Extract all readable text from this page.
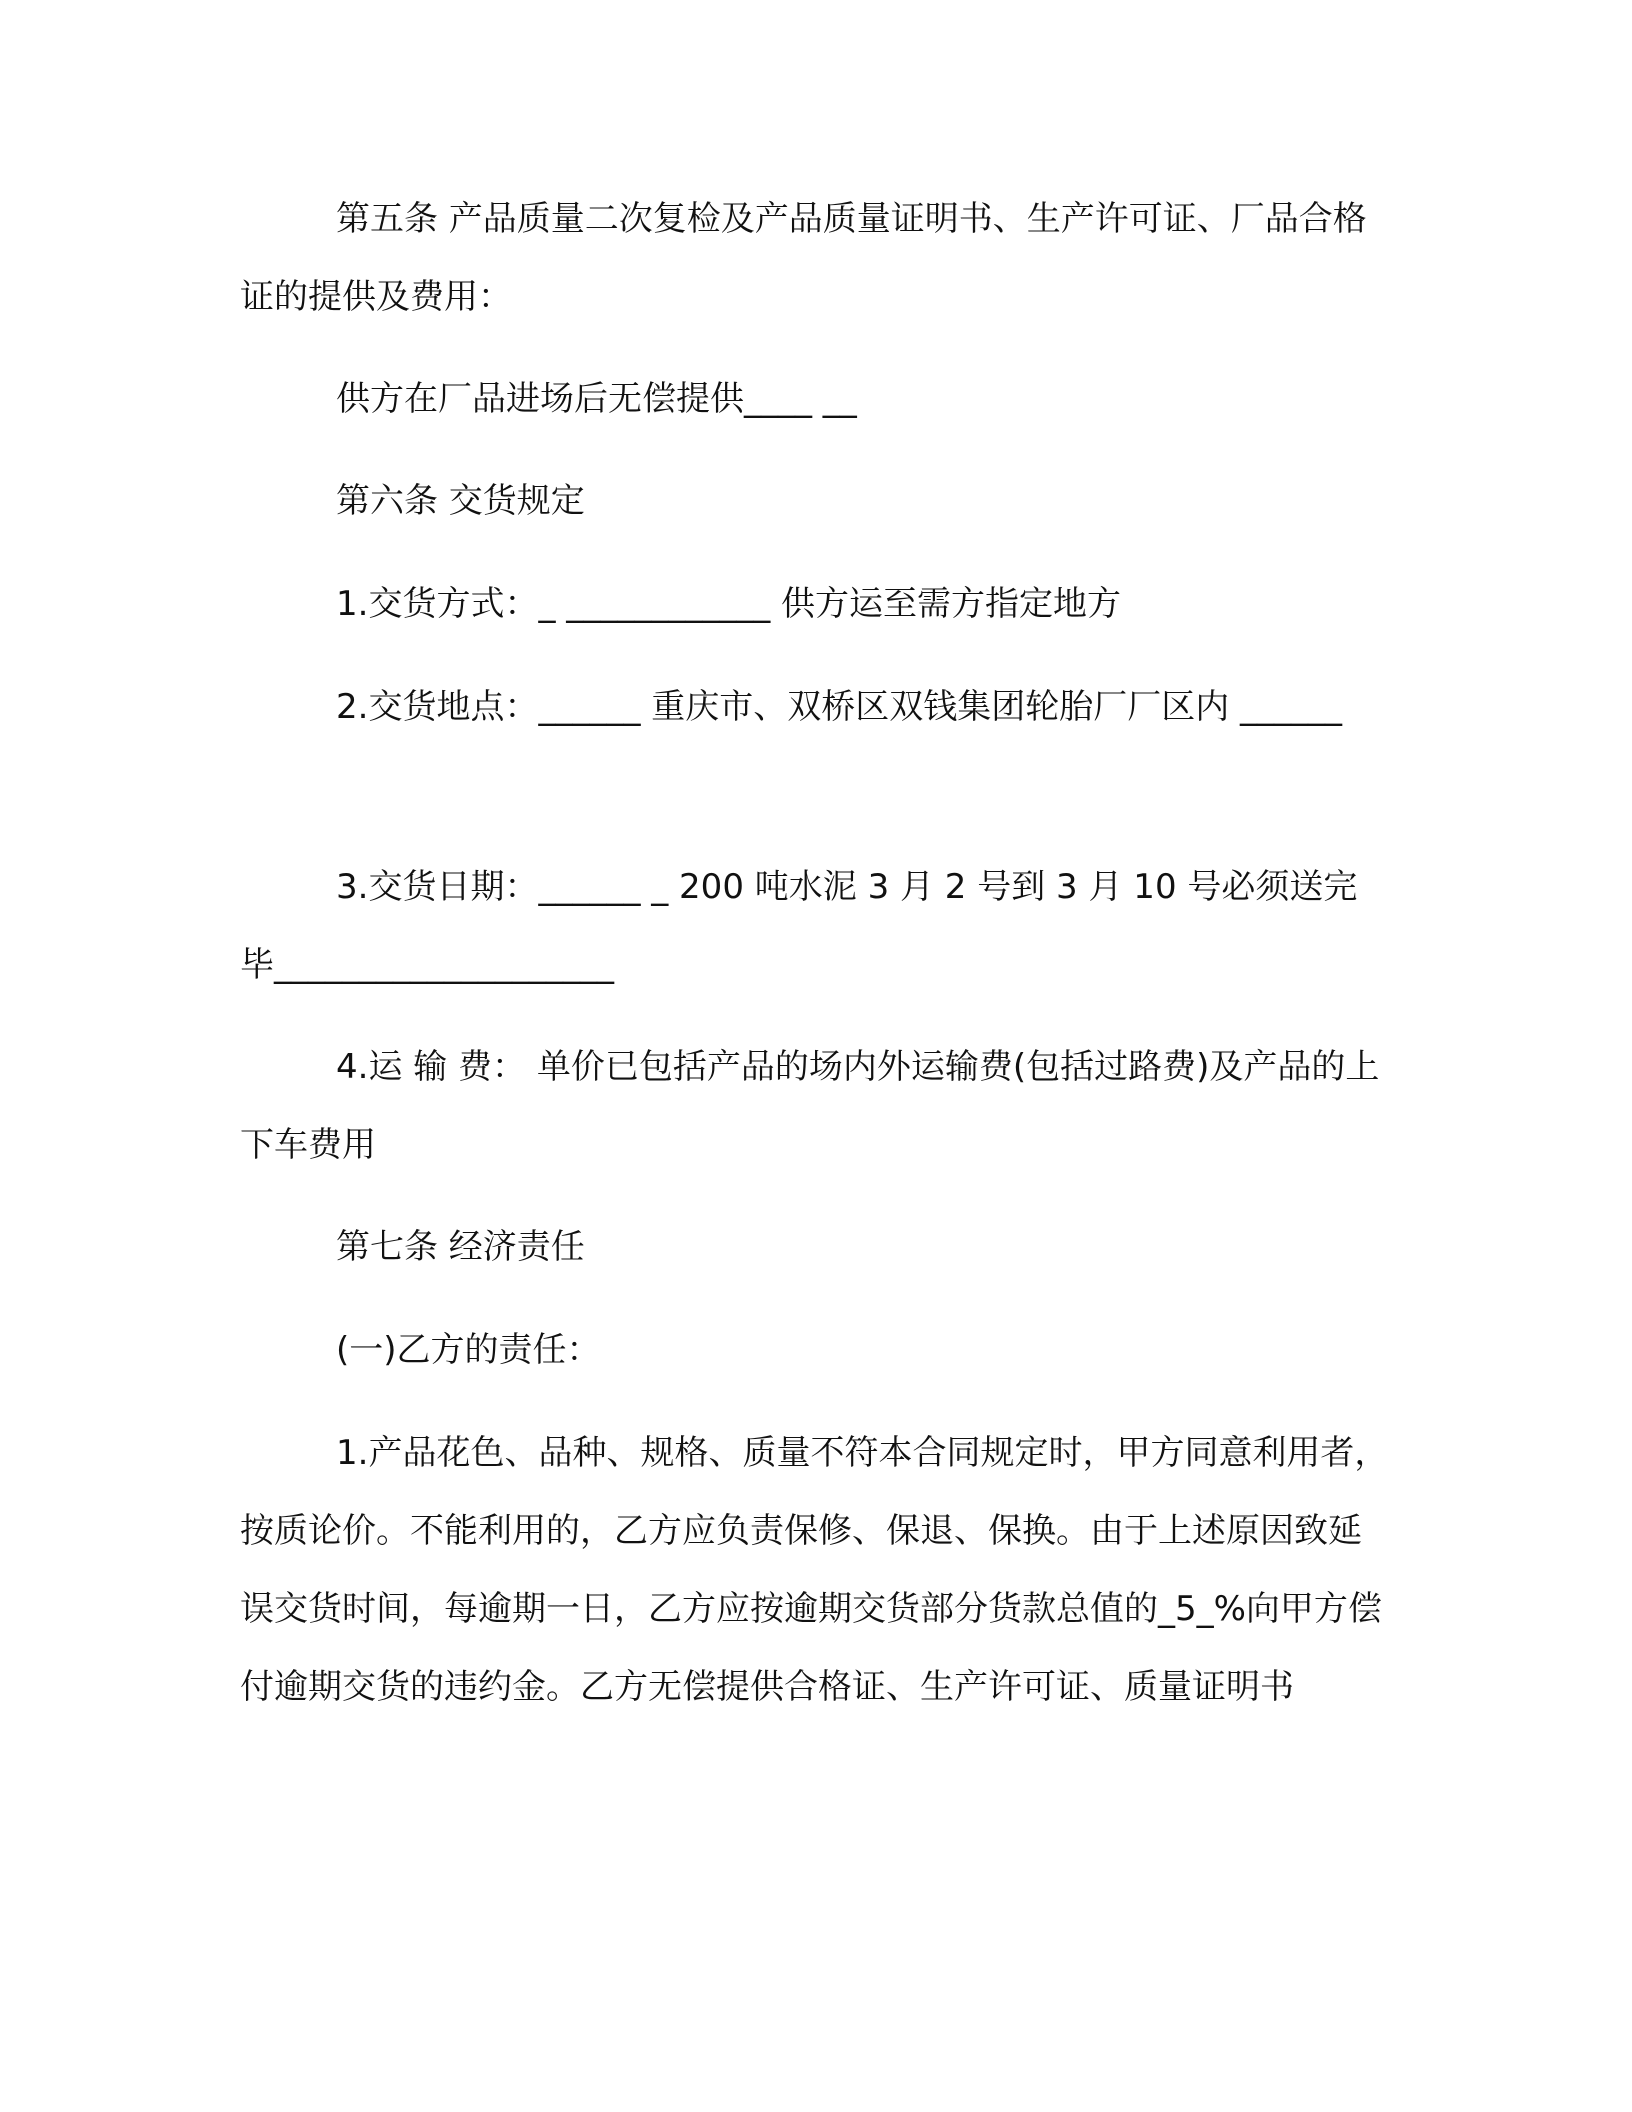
第五条 产品质量二次复检及产品质量证明书、生产许可证、厂品合格证的提供及费用：

供方在厂品进场后无偿提供____ __

第六条 交货规定

1.交货方式：_ ____________ 供方运至需方指定地方

2.交货地点：______ 重庆市、双桥区双钱集团轮胎厂厂区内 ______

3.交货日期：______ _ 200 吨水泥 3 月 2 号到 3 月 10 号必须送完毕____________________

4.运 输 费： 单价已包括产品的场内外运输费(包括过路费)及产品的上下车费用

第七条 经济责任

(一)乙方的责任：

1.产品花色、品种、规格、质量不符本合同规定时，甲方同意利用者，按质论价。不能利用的，乙方应负责保修、保退、保换。由于上述原因致延误交货时间，每逾期一日，乙方应按逾期交货部分货款总值的_5_%向甲方偿付逾期交货的违约金。乙方无偿提供合格证、生产许可证、质量证明书
